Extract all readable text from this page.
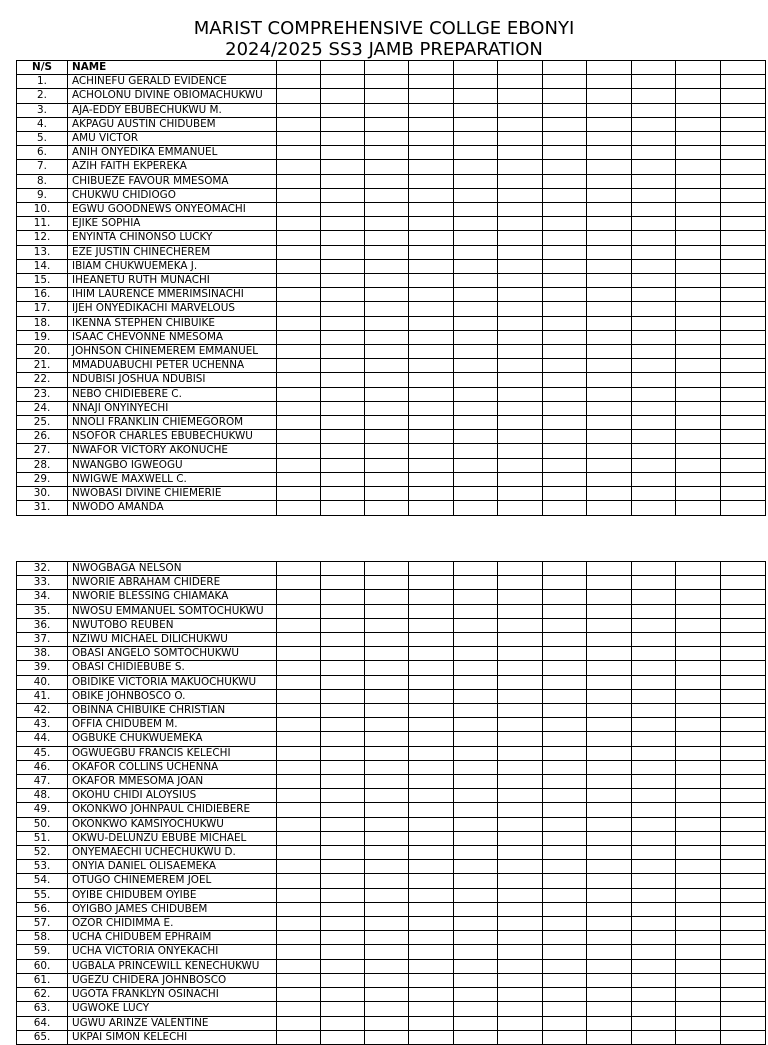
MARIST COMPREHENSIVE COLLGE EBONYI
2024/2025 SS3 JAMB PREPARATION
N/S	NAME											
1.	ACHINEFU GERALD EVIDENCE											
2.	ACHOLONU DIVINE OBIOMACHUKWU											
3.	AJA-EDDY EBUBECHUKWU M.											
4.	AKPAGU AUSTIN CHIDUBEM											
5.	AMU VICTOR											
6.	ANIH ONYEDIKA EMMANUEL											
7.	AZIH FAITH EKPEREKA											
8.	CHIBUEZE FAVOUR MMESOMA											
9.	CHUKWU CHIDIOGO											
10.	EGWU GOODNEWS ONYEOMACHI											
11.	EJIKE SOPHIA											
12.	ENYINTA CHINONSO LUCKY											
13.	EZE JUSTIN CHINECHEREM											
14.	IBIAM CHUKWUEMEKA J.											
15.	IHEANETU RUTH MUNACHI											
16.	IHIM LAURENCE MMERIMSINACHI											
17.	IJEH ONYEDIKACHI MARVELOUS											
18.	IKENNA STEPHEN CHIBUIKE											
19.	ISAAC CHEVONNE NMESOMA											
20.	JOHNSON CHINEMEREM EMMANUEL											
21.	MMADUABUCHI PETER UCHENNA											
22.	NDUBISI JOSHUA NDUBISI											
23.	NEBO CHIDIEBERE C.											
24.	NNAJI ONYINYECHI											
25.	NNOLI FRANKLIN CHIEMEGOROM											
26.	NSOFOR CHARLES EBUBECHUKWU											
27.	NWAFOR VICTORY AKONUCHE											
28.	NWANGBO IGWEOGU											
29.	NWIGWE MAXWELL C.											
30.	NWOBASI DIVINE CHIEMERIE											
31.	NWODO AMANDA											
32.	NWOGBAGA NELSON											
33.	NWORIE ABRAHAM CHIDERE											
34.	NWORIE BLESSING CHIAMAKA											
35.	NWOSU EMMANUEL SOMTOCHUKWU											
36.	NWUTOBO REUBEN											
37.	NZIWU MICHAEL DILICHUKWU											
38.	OBASI ANGELO SOMTOCHUKWU											
39.	OBASI CHIDIEBUBE S.											
40.	OBIDIKE VICTORIA MAKUOCHUKWU											
41.	OBIKE JOHNBOSCO O.											
42.	OBINNA CHIBUIKE CHRISTIAN											
43.	OFFIA CHIDUBEM M.											
44.	OGBUKE CHUKWUEMEKA											
45.	OGWUEGBU FRANCIS KELECHI											
46.	OKAFOR COLLINS UCHENNA											
47.	OKAFOR MMESOMA JOAN											
48.	OKOHU CHIDI ALOYSIUS											
49.	OKONKWO JOHNPAUL CHIDIEBERE											
50.	OKONKWO KAMSIYOCHUKWU											
51.	OKWU-DELUNZU EBUBE MICHAEL											
52.	ONYEMAECHI UCHECHUKWU D.											
53.	ONYIA DANIEL OLISAEMEKA											
54.	OTUGO CHINEMEREM JOEL											
55.	OYIBE CHIDUBEM OYIBE											
56.	OYIGBO JAMES CHIDUBEM											
57.	OZOR CHIDIMMA E.											
58.	UCHA CHIDUBEM EPHRAIM											
59.	UCHA VICTORIA ONYEKACHI											
60.	UGBALA PRINCEWILL KENECHUKWU											
61.	UGEZU CHIDERA JOHNBOSCO											
62.	UGOTA FRANKLYN OSINACHI											
63.	UGWOKE LUCY											
64.	UGWU ARINZE VALENTINE											
65.	UKPAI SIMON KELECHI											
